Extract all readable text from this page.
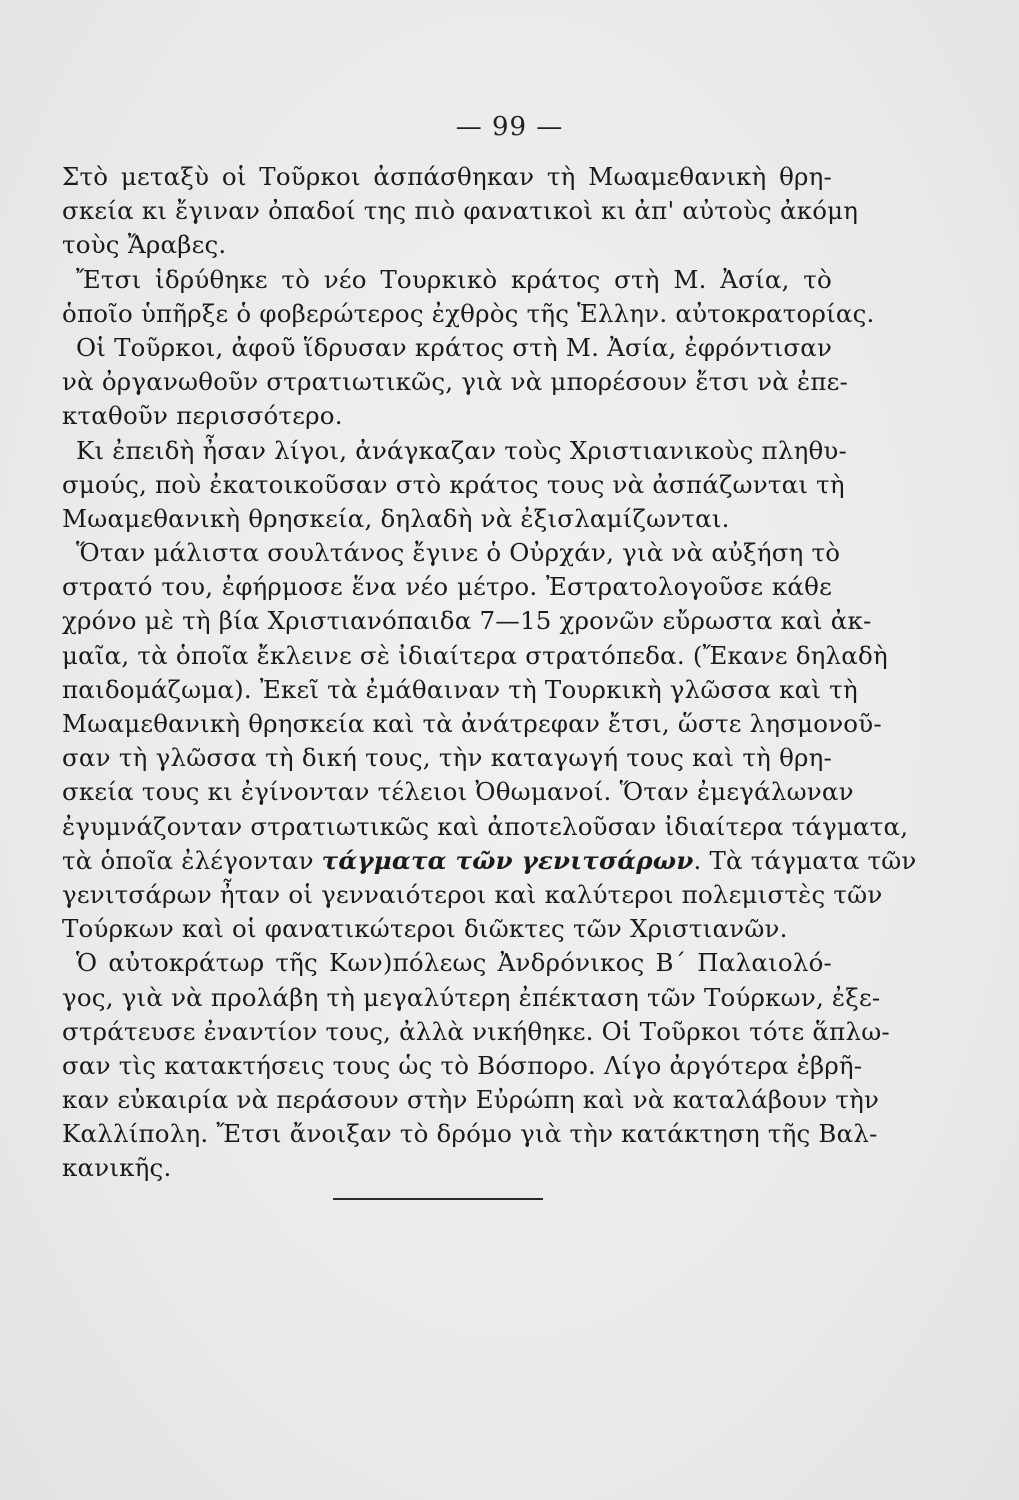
— 99 —
Στὸ μεταξὺ οἱ Τοῦρκοι ἀσπάσθηκαν τὴ Μωαμεθανικὴ θρη-
σκεία κι ἔγιναν ὀπαδοί της πιὸ φανατικοὶ κι ἀπ' αὐτοὺς ἀκόμη
τοὺς Ἄραβες.
Ἔτσι ἱδρύθηκε τὸ νέο Τουρκικὸ κράτος στὴ Μ. Ἀσία, τὸ
ὁποῖο ὑπῆρξε ὁ φοβερώτερος ἐχθρὸς τῆς Ἑλλην. αὐτοκρατορίας.
Οἱ Τοῦρκοι, ἀφοῦ ἵδρυσαν κράτος στὴ Μ. Ἀσία, ἐφρόντισαν
νὰ ὀργανωθοῦν στρατιωτικῶς, γιὰ νὰ μπορέσουν ἔτσι νὰ ἐπε-
κταθοῦν περισσότερο.
Κι ἐπειδὴ ἦσαν λίγοι, ἀνάγκαζαν τοὺς Χριστιανικοὺς πληθυ-
σμούς, ποὺ ἐκατοικοῦσαν στὸ κράτος τους νὰ ἀσπάζωνται τὴ
Μωαμεθανικὴ θρησκεία, δηλαδὴ νὰ ἐξισλαμίζωνται.
Ὅταν μάλιστα σουλτάνος ἔγινε ὁ Οὐρχάν, γιὰ νὰ αὐξήση τὸ
στρατό του, ἐφήρμοσε ἕνα νέο μέτρο. Ἐστρατολογοῦσε κάθε
χρόνο μὲ τὴ βία Χριστιανόπαιδα 7—15 χρονῶν εὔρωστα καὶ ἀκ-
μαῖα, τὰ ὁποῖα ἔκλεινε σὲ ἰδιαίτερα στρατόπεδα. (Ἔκανε δηλαδὴ
παιδομάζωμα). Ἐκεῖ τὰ ἐμάθαιναν τὴ Τουρκικὴ γλῶσσα καὶ τὴ
Μωαμεθανικὴ θρησκεία καὶ τὰ ἀνάτρεφαν ἔτσι, ὥστε λησμονοῦ-
σαν τὴ γλῶσσα τὴ δική τους, τὴν καταγωγή τους καὶ τὴ θρη-
σκεία τους κι ἐγίνονταν τέλειοι Ὀθωμανοί. Ὅταν ἐμεγάλωναν
ἐγυμνάζονταν στρατιωτικῶς καὶ ἀποτελοῦσαν ἰδιαίτερα τάγματα,
τὰ ὁποῖα ἐλέγονταν τάγματα τῶν γενιτσάρων. Τὰ τάγματα τῶν
γενιτσάρων ἦταν οἱ γενναιότεροι καὶ καλύτεροι πολεμιστὲς τῶν
Τούρκων καὶ οἱ φανατικώτεροι διῶκτες τῶν Χριστιανῶν.
Ὁ αὐτοκράτωρ τῆς Κων)πόλεως Ἀνδρόνικος Β΄ Παλαιολό-
γος, γιὰ νὰ προλάβη τὴ μεγαλύτερη ἐπέκταση τῶν Τούρκων, ἐξε-
στράτευσε ἐναντίον τους, ἀλλὰ νικήθηκε. Οἱ Τοῦρκοι τότε ἅπλω-
σαν τὶς κατακτήσεις τους ὡς τὸ Βόσπορο. Λίγο ἀργότερα ἐβρῆ-
καν εὐκαιρία νὰ περάσουν στὴν Εὐρώπη καὶ νὰ καταλάβουν τὴν
Καλλίπολη. Ἔτσι ἄνοιξαν τὸ δρόμο γιὰ τὴν κατάκτηση τῆς Βαλ-
κανικῆς.
